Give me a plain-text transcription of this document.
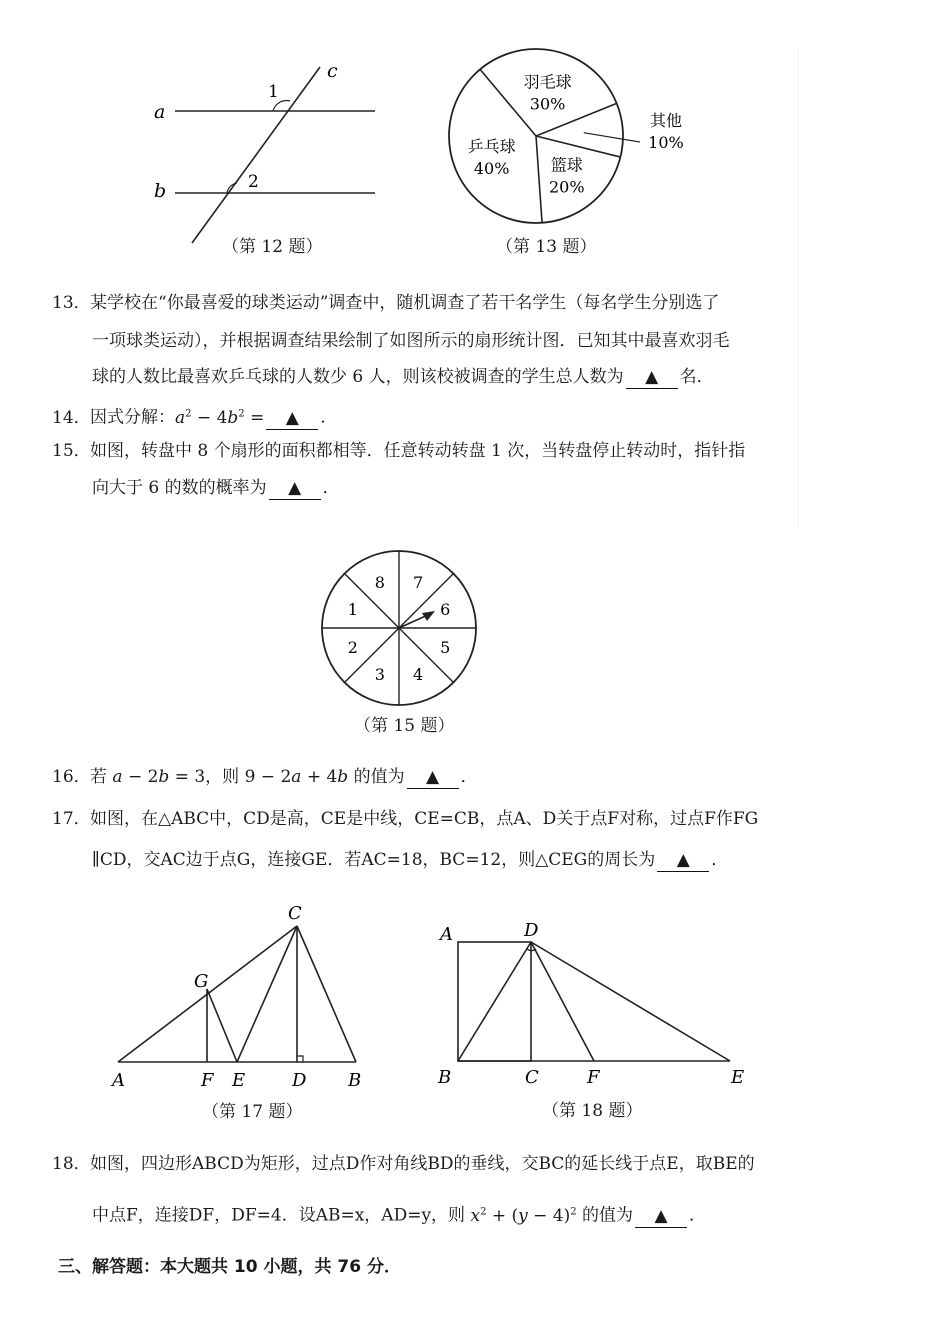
a
b
c
1
2
（第 12 题）
羽毛球
30%
其他
10%
篮球
20%
乒乓球
40%
（第 13 题）
13．某学校在“你最喜爱的球类运动”调查中，随机调查了若干名学生（每名学生分别选了
一项球类运动），并根据调查结果绘制了如图所示的扇形统计图．已知其中最喜欢羽毛
球的人数比最喜欢乒乓球的人数少 6 人，则该校被调查的学生总人数为 ▲ 名．
14．因式分解：$a^2 - 4b^2$ = ▲ ．
15．如图，转盘中 8 个扇形的面积都相等．任意转动转盘 1 次，当转盘停止转动时，指针指
向大于 6 的数的概率为 ▲ ．
1
8 7
6
5
4
3
2
（第 15 题）
16．若 a − 2b = 3，则 9 − 2a + 4b 的值为 ▲ ．
17．如图，在△ABC中，CD是高，CE是中线，CE=CB，点A、D关于点F对称，过点F作FG
∥CD，交AC边于点G，连接GE．若AC=18，BC=12，则△CEG的周长为 ▲ ．
A	F E	D B
G
C
（第 17 题）
A	D
B	C	F	E
（第 18 题）
18．如图，四边形ABCD为矩形，过点D作对角线BD的垂线，交BC的延长线于点E，取BE的
中点F，连接DF，DF=4．设AB=x，AD=y，则 $x^2 + (y - 4)^2$ 的值为 ▲ ．
三、解答题：本大题共 10 小题，共 76 分．
